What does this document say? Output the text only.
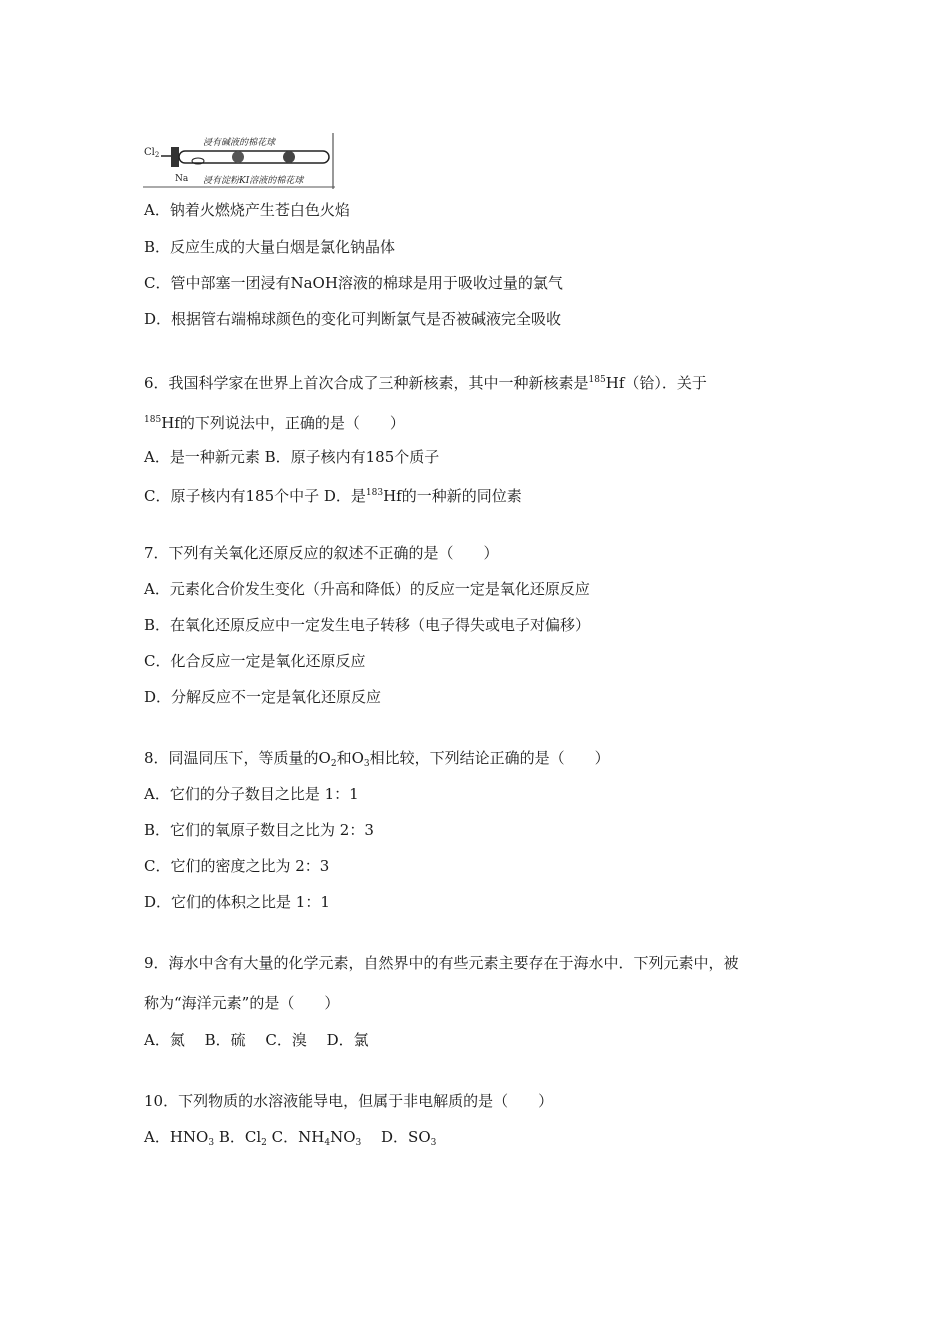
$Cl_2$
浸有碱液的棉花球
Na 浸有淀粉KI溶液的棉花球
A．钠着火燃烧产生苍白色火焰
B．反应生成的大量白烟是氯化钠晶体
C．管中部塞一团浸有NaOH溶液的棉球是用于吸收过量的氯气
D．根据管右端棉球颜色的变化可判断氯气是否被碱液完全吸收
6．我国科学家在世界上首次合成了三种新核素，其中一种新核素是$^{185}$Hf（铪）．关于
$^{185}$Hf的下列说法中，正确的是（　　）
A．是一种新元素 B．原子核内有185个质子
C．原子核内有185个中子 D．是$^{183}$Hf的一种新的同位素
7．下列有关氧化还原反应的叙述不正确的是（　　）
A．元素化合价发生变化（升高和降低）的反应一定是氧化还原反应
B．在氧化还原反应中一定发生电子转移（电子得失或电子对偏移）
C．化合反应一定是氧化还原反应
D．分解反应不一定是氧化还原反应
8．同温同压下，等质量的$O_2$和$O_3$相比较，下列结论正确的是（　　）
A．它们的分子数目之比是 1：1
B．它们的氧原子数目之比为 2：3
C．它们的密度之比为 2：3
D．它们的体积之比是 1：1
9．海水中含有大量的化学元素，自然界中的有些元素主要存在于海水中．下列元素中，被
称为“海洋元素”的是（　　）
A．氮　 B．硫　 C．溴　 D．氯
10．下列物质的水溶液能导电，但属于非电解质的是（　　）
A．$HNO_3$ B．$Cl_2$ C．$NH_4NO_3$　 D．$SO_3$
